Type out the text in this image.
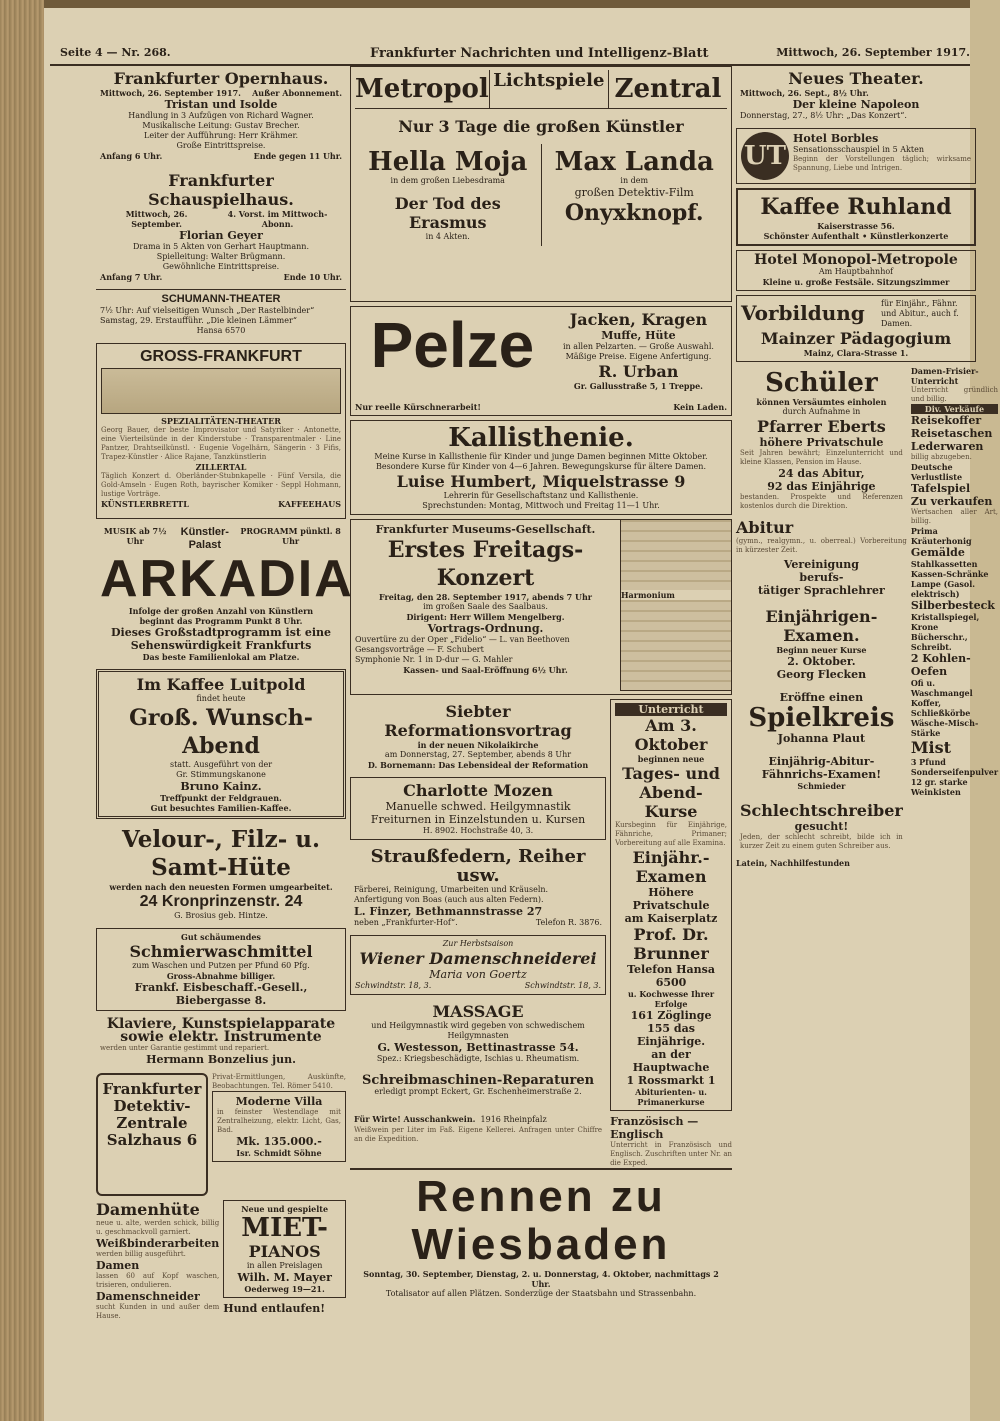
Seite 4 — Nr. 268.	Frankfurter Nachrichten und Intelligenz-Blatt	Mittwoch, 26. September 1917.
Frankfurter Opernhaus.
Mittwoch, 26. September 1917. Außer Abonnement.
Tristan und Isolde
Handlung in 3 Aufzügen von Richard Wagner.
Musikalische Leitung: Gustav Brecher.
Leiter der Aufführung: Herr Krähmer.
Große Eintrittspreise.
Anfang 6 Uhr.	Ende gegen 11 Uhr.
Frankfurter Schauspielhaus.
Mittwoch, 26. September.
4. Vorst. im Mittwoch-Abonn.
Florian Geyer
Drama in 5 Akten von Gerhart Hauptmann.
Spielleitung: Walter Brügmann.
Gewöhnliche Eintrittspreise.
Anfang 7 Uhr.	Ende 10 Uhr.
SCHUMANN-THEATER
7½ Uhr: Auf vielseitigen Wunsch „Der Rastelbinder“
Samstag, 29. Erstaufführ. „Die kleinen Lämmer“
Hansa 6570
GROSS-FRANKFURT
SPEZIALITÄTEN-THEATER
Georg Bauer, der beste Improvisator und Satyriker · Antonette, eine Vierteilsünde in der Kinderstube · Transparentmaler · Line Pantzer, Drahtseilkünstl. · Eugenie Vogelhärn, Sängerin · 3 Fifis, Trapez-Künstler · Alice Rajane, Tanzkünstlerin
ZILLERTAL
Täglich Konzert d. Oberländer-Stubnkapelle · Fünf Versila, die Gold-Amseln · Eugen Roth, bayrischer Komiker · Seppl Hohmann, lustige Vorträge.
KÜNSTLERBRETTL	KAFFEEHAUS
MUSIK ab 7½ Uhr
Künstler-Palast
PROGRAMM pünktl. 8 Uhr
ARKADIA
Infolge der großen Anzahl von Künstlern
beginnt das Programm Punkt 8 Uhr.
Dieses Großstadtprogramm ist eine
Sehenswürdigkeit Frankfurts
Das beste Familienlokal am Platze.
Im Kaffee Luitpold
findet heute
Groß. Wunsch-Abend
statt. Ausgeführt von der
Gr. Stimmungskanone
Bruno Kainz.
Treffpunkt der Feldgrauen.
Gut besuchtes Familien-Kaffee.
Velour-, Filz- u. Samt-Hüte
werden nach den neuesten Formen umgearbeitet.
24 Kronprinzenstr. 24
G. Brosius geb. Hintze.
Gut schäumendes
Schmierwaschmittel
zum Waschen und Putzen per Pfund 60 Pfg.
Gross-Abnahme billiger.
Frankf. Eisbeschaff.-Gesell., Biebergasse 8.
Klaviere, Kunstspielapparate
sowie elektr. Instrumente
werden unter Garantie gestimmt und repariert.
Hermann Bonzelius jun.
Frankfurter Detektiv-Zentrale
Salzhaus 6
Privat-Ermittlungen, Auskünfte, Beobachtungen. Tel. Römer 5410.
Moderne Villa
in feinster Westendlage mit Zentralheizung, elektr. Licht, Gas, Bad.
Mk. 135.000.-
Isr. Schmidt Söhne
Damenhüte
neue u. alte, werden schick, billig u. geschmackvoll garniert.
Weißbinderarbeiten
werden billig ausgeführt.
Damen
lassen 60 auf Kopf waschen, trisieren, ondulieren.
Damenschneider
sucht Kunden in und außer dem Hause.
Neue und gespielte
MIET-
PIANOS
in allen Preislagen
Wilh. M. Mayer
Oederweg 19—21.
Hund entlaufen!
Metropol Lichtspiele Zentral
Nur 3 Tage die großen Künstler
Hella Moja
in dem großen Liebesdrama
Der Tod des Erasmus
in 4 Akten.
Max Landa
in dem
großen Detektiv-Film
Onyxknopf.
Pelze	Jacken, Kragen
Muffe, Hüte
in allen Pelzarten. — Große Auswahl.
Mäßige Preise. Eigene Anfertigung.
R. Urban
Gr. Gallusstraße 5, 1 Treppe.
Nur reelle Kürschnerarbeit!	Kein Laden.
Kallisthenie.
Meine Kurse in Kallisthenie für Kinder und junge Damen beginnen Mitte Oktober.
Besondere Kurse für Kinder von 4—6 Jahren. Bewegungskurse für ältere Damen.
Luise Humbert, Miquelstrasse 9
Lehrerin für Gesellschaftstanz und Kallisthenie.
Sprechstunden: Montag, Mittwoch und Freitag 11—1 Uhr.
Harmonium
Frankfurter Museums-Gesellschaft.
Erstes Freitags-Konzert
Freitag, den 28. September 1917, abends 7 Uhr
im großen Saale des Saalbaus.
Dirigent: Herr Willem Mengelberg.
Vortrags-Ordnung.
Ouvertüre zu der Oper „Fidelio“ — L. van Beethoven
Gesangsvorträge — F. Schubert
Symphonie Nr. 1 in D-dur — G. Mahler
Kassen- und Saal-Eröffnung 6½ Uhr.
Siebter Reformationsvortrag
in der neuen Nikolaikirche
am Donnerstag, 27. September, abends 8 Uhr
D. Bornemann: Das Lebensideal der Reformation
Charlotte Mozen
Manuelle schwed. Heilgymnastik
Freiturnen in Einzelstunden u. Kursen
H. 8902. Hochstraße 40, 3.
Straußfedern, Reiher usw.
Färberei, Reinigung, Umarbeiten und Kräuseln.
Anfertigung von Boas (auch aus alten Federn).
L. Finzer, Bethmannstrasse 27
neben „Frankfurter-Hof“.	Telefon R. 3876.
Zur Herbstsaison
Wiener Damenschneiderei
Maria von Goertz
Schwindtstr. 18, 3.	Schwindtstr. 18, 3.
MASSAGE
und Heilgymnastik wird gegeben von schwedischem Heilgymnasten
G. Westesson, Bettinastrasse 54.
Spez.: Kriegsbeschädigte, Ischias u. Rheumatism.
Schreibmaschinen-Reparaturen
erledigt prompt Eckert, Gr. Eschenheimerstraße 2.
Für Wirte! Ausschankwein. 1916 Rheinpfalz
Weißwein per Liter im Faß. Eigene Kellerei. Anfragen unter Chiffre an die Expedition.
Unterricht
Am 3. Oktober
beginnen neue
Tages- und
Abend-Kurse
Kursbeginn für Einjährige, Fähnriche, Primaner; Vorbereitung auf alle Examina.
Einjähr.-Examen
Höhere Privatschule
am Kaiserplatz
Prof. Dr. Brunner
Telefon Hansa 6500
u. Kochwesse Ihrer Erfolge
161 Zöglinge
155 das Einjährige.
an der Hauptwache
1 Rossmarkt 1
Abiturienten- u. Primanerkurse
Französisch — Englisch
Unterricht in Französisch und Englisch. Zuschriften unter Nr. an die Exped.
Rennen zu Wiesbaden
Sonntag, 30. September, Dienstag, 2. u. Donnerstag, 4. Oktober, nachmittags 2 Uhr.
Totalisator auf allen Plätzen. Sonderzüge der Staatsbahn und Strassenbahn.
Neues Theater.
Mittwoch, 26. Sept., 8½ Uhr.
Der kleine Napoleon
Donnerstag, 27., 8½ Uhr: „Das Konzert“.
UT
Hotel Borbles
Sensationsschauspiel in 5 Akten
Beginn der Vorstellungen täglich; wirksame Spannung, Liebe und Intrigen.
Kaffee Ruhland
Kaiserstrasse 56.
Schönster Aufenthalt • Künstlerkonzerte
Hotel Monopol-Metropole
Am Hauptbahnhof
Kleine u. große Festsäle. Sitzungszimmer
Vorbildung für Einjähr., Fähnr. und Abitur., auch f. Damen.
Mainzer Pädagogium
Mainz, Clara-Strasse 1.
Schüler
können Versäumtes einholen
durch Aufnahme in
Pfarrer Eberts
höhere Privatschule
Seit Jahren bewährt; Einzelunterricht und kleine Klassen, Pension im Hause.
24 das Abitur,
92 das Einjährige
bestanden. Prospekte und Referenzen kostenlos durch die Direktion.
Abitur
(gymn., realgymn., u. oberreal.) Vorbereitung in kürzester Zeit.
Vereinigung
berufs-
tätiger Sprachlehrer
Einjährigen-
Examen.
Beginn neuer Kurse
2. Oktober.
Georg Flecken
Eröffne einen
Spielkreis
Johanna Plaut
Einjährig-Abitur-
Fähnrichs-Examen!
Schmieder
Schlechtschreiber
gesucht!
Jeden, der schlecht schreibt, bilde ich in kurzer Zeit zu einem guten Schreiber aus.
Latein, Nachhilfestunden
Damen-Frisier-Unterricht
Unterricht gründlich und billig.
Div. Verkäufe
Reisekoffer
Reisetaschen
Lederwaren
billig abzugeben.
Deutsche Verlustliste
Tafelspiel
Zu verkaufen
Wertsachen aller Art, billig.
Prima Kräuterhonig
Gemälde
Stahlkassetten
Kassen-Schränke
Lampe (Gasol. elektrisch)
Silberbesteck
Kristallspiegel, Krone
Bücherschr., Schreibt.
2 Kohlen-Oefen
Ofi u. Waschmangel
Koffer, Schließkörbe
Wäsche-Misch-Stärke
Mist
3 Pfund Sonderseifenpulver
12 gr. starke Weinkisten
